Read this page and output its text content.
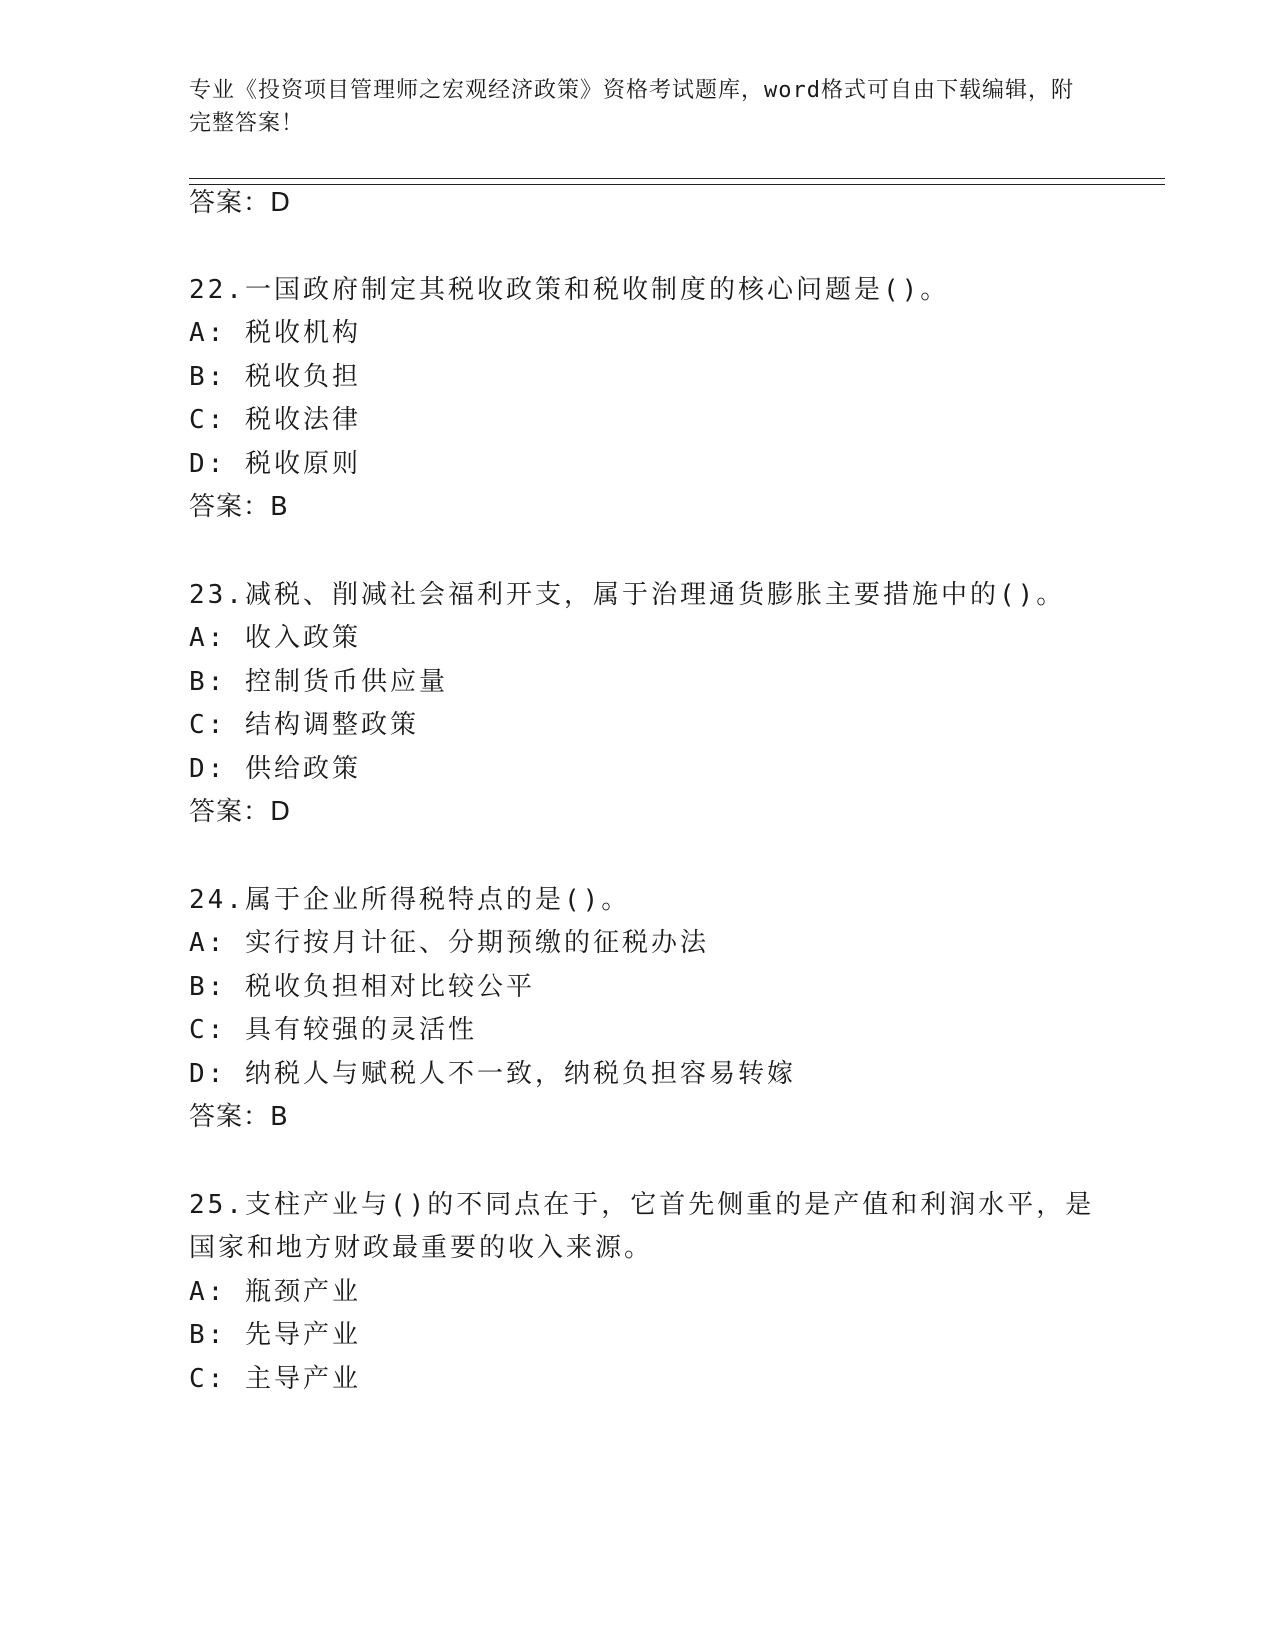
专业《投资项目管理师之宏观经济政策》资格考试题库，word格式可自由下载编辑，附完整答案！
答案：D
22.一国政府制定其税收政策和税收制度的核心问题是()。
A: 税收机构
B: 税收负担
C: 税收法律
D: 税收原则
答案：B
23.减税、削减社会福利开支，属于治理通货膨胀主要措施中的()。
A: 收入政策
B: 控制货币供应量
C: 结构调整政策
D: 供给政策
答案：D
24.属于企业所得税特点的是()。
A: 实行按月计征、分期预缴的征税办法
B: 税收负担相对比较公平
C: 具有较强的灵活性
D: 纳税人与赋税人不一致，纳税负担容易转嫁
答案：B
25.支柱产业与()的不同点在于，它首先侧重的是产值和利润水平，是
国家和地方财政最重要的收入来源。
A: 瓶颈产业
B: 先导产业
C: 主导产业
